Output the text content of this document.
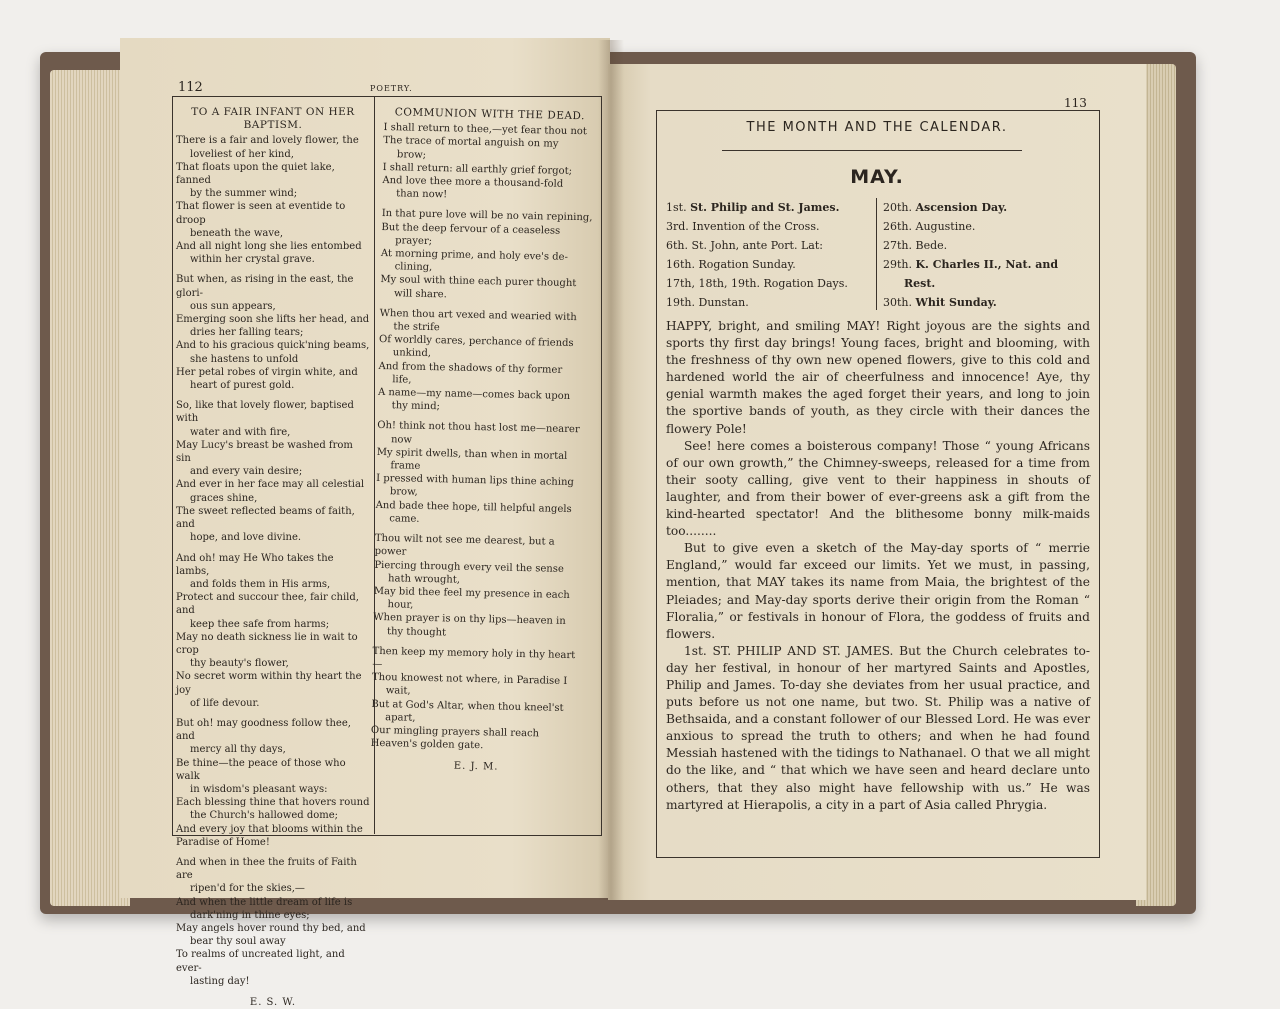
112	POETRY.
TO A FAIR INFANT ON HER
BAPTISM.

There is a fair and lovely flower, the
loveliest of her kind,
That floats upon the quiet lake, fanned
by the summer wind;
That flower is seen at eventide to droop
beneath the wave,
And all night long she lies entombed
within her crystal grave.

But when, as rising in the east, the glori-
ous sun appears,
Emerging soon she lifts her head, and
dries her falling tears;
And to his gracious quick'ning beams,
she hastens to unfold
Her petal robes of virgin white, and
heart of purest gold.

So, like that lovely flower, baptised with
water and with fire,
May Lucy's breast be washed from sin
and every vain desire;
And ever in her face may all celestial
graces shine,
The sweet reflected beams of faith, and
hope, and love divine.

And oh! may He Who takes the lambs,
and folds them in His arms,
Protect and succour thee, fair child, and
keep thee safe from harms;
May no death sickness lie in wait to crop
thy beauty's flower,
No secret worm within thy heart the joy
of life devour.

But oh! may goodness follow thee, and
mercy all thy days,
Be thine—the peace of those who walk
in wisdom's pleasant ways:
Each blessing thine that hovers round
the Church's hallowed dome;
And every joy that blooms within the
Paradise of Home!

And when in thee the fruits of Faith are
ripen'd for the skies,—
And when the little dream of life is
dark'ning in thine eyes;
May angels hover round thy bed, and
bear thy soul away
To realms of uncreated light, and ever-
lasting day!

E. S. W.
COMMUNION WITH THE DEAD.

I shall return to thee,—yet fear thou not
The trace of mortal anguish on my
brow;
I shall return: all earthly grief forgot;
And love thee more a thousand-fold
than now!

In that pure love will be no vain repining,
But the deep fervour of a ceaseless
prayer;
At morning prime, and holy eve's de-
clining,
My soul with thine each purer thought
will share.

When thou art vexed and wearied with
the strife
Of worldly cares, perchance of friends
unkind,
And from the shadows of thy former
life,
A name—my name—comes back upon
thy mind;

Oh! think not thou hast lost me—nearer
now
My spirit dwells, than when in mortal
frame
I pressed with human lips thine aching
brow,
And bade thee hope, till helpful angels
came.

Thou wilt not see me dearest, but a power
Piercing through every veil the sense
hath wrought,
May bid thee feel my presence in each
hour,
When prayer is on thy lips—heaven in
thy thought

Then keep my memory holy in thy heart—
Thou knowest not where, in Paradise I
wait,
But at God's Altar, when thou kneel'st
apart,
Our mingling prayers shall reach
Heaven's golden gate.

E. J. M.
113
THE MONTH AND THE CALENDAR.
MAY.
1st. St. Philip and St. James.
3rd. Invention of the Cross.
6th. St. John, ante Port. Lat:
16th. Rogation Sunday.
17th, 18th, 19th. Rogation Days.
19th. Dunstan.
20th. Ascension Day.
26th. Augustine.
27th. Bede.
29th. K. Charles II., Nat. and
Rest.
30th. Whit Sunday.

HAPPY, bright, and smiling MAY! Right joyous are the sights and sports thy first day brings! Young faces, bright and blooming, with the freshness of thy own new opened flowers, give to this cold and hardened world the air of cheerfulness and innocence! Aye, thy genial warmth makes the aged forget their years, and long to join the sportive bands of youth, as they circle with their dances the flowery Pole!

See! here comes a boisterous company! Those “ young Africans of our own growth,” the Chimney-sweeps, released for a time from their sooty calling, give vent to their happiness in shouts of laughter, and from their bower of ever-greens ask a gift from the kind-hearted spectator! And the blithesome bonny milk-maids too........

But to give even a sketch of the May-day sports of “ merrie England,” would far exceed our limits. Yet we must, in passing, mention, that MAY takes its name from Maia, the brightest of the Pleiades; and May-day sports derive their origin from the Roman “ Floralia,” or festivals in honour of Flora, the goddess of fruits and flowers.

1st. ST. PHILIP AND ST. JAMES. But the Church celebrates to-day her festival, in honour of her martyred Saints and Apostles, Philip and James. To-day she deviates from her usual practice, and puts before us not one name, but two. St. Philip was a native of Bethsaida, and a constant follower of our Blessed Lord. He was ever anxious to spread the truth to others; and when he had found Messiah hastened with the tidings to Nathanael. O that we all might do the like, and “ that which we have seen and heard declare unto others, that they also might have fellowship with us.” He was martyred at Hierapolis, a city in a part of Asia called Phrygia.
